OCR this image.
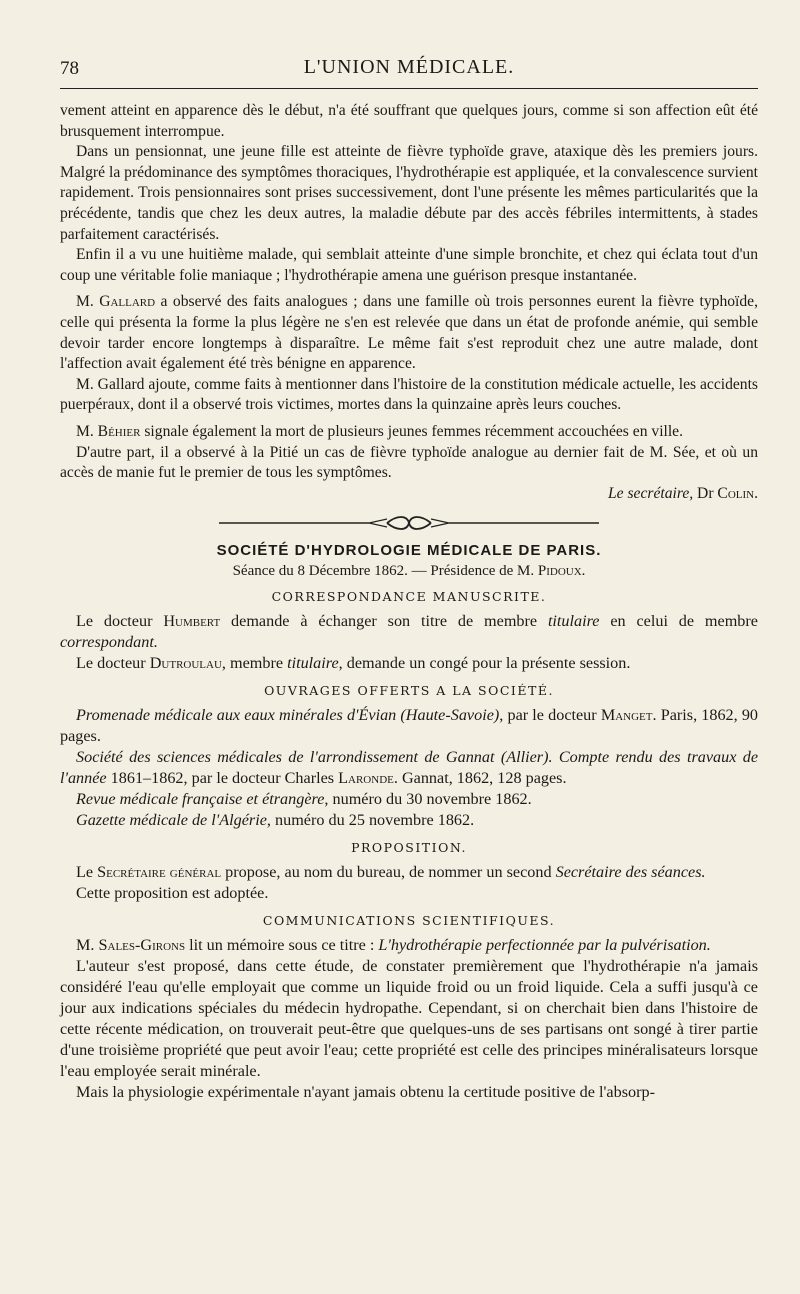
78	L'UNION MÉDICALE.

vement atteint en apparence dès le début, n'a été souffrant que quelques jours, comme si son affection eût été brusquement interrompue.

Dans un pensionnat, une jeune fille est atteinte de fièvre typhoïde grave, ataxique dès les premiers jours. Malgré la prédominance des symptômes thoraciques, l'hydrothérapie est appliquée, et la convalescence survient rapidement. Trois pensionnaires sont prises successivement, dont l'une présente les mêmes particularités que la précédente, tandis que chez les deux autres, la maladie débute par des accès fébriles intermittents, à stades parfaitement caractérisés.

Enfin il a vu une huitième malade, qui semblait atteinte d'une simple bronchite, et chez qui éclata tout d'un coup une véritable folie maniaque ; l'hydrothérapie amena une guérison presque instantanée.

M. Gallard a observé des faits analogues ; dans une famille où trois personnes eurent la fièvre typhoïde, celle qui présenta la forme la plus légère ne s'en est relevée que dans un état de profonde anémie, qui semble devoir tarder encore longtemps à disparaître. Le même fait s'est reproduit chez une autre malade, dont l'affection avait également été très bénigne en apparence.

M. Gallard ajoute, comme faits à mentionner dans l'histoire de la constitution médicale actuelle, les accidents puerpéraux, dont il a observé trois victimes, mortes dans la quinzaine après leurs couches.

M. Béhier signale également la mort de plusieurs jeunes femmes récemment accouchées en ville.

D'autre part, il a observé à la Pitié un cas de fièvre typhoïde analogue au dernier fait de M. Sée, et où un accès de manie fut le premier de tous les symptômes.

Le secrétaire, Dr Colin.

SOCIÉTÉ D'HYDROLOGIE MÉDICALE DE PARIS.
Séance du 8 Décembre 1862. — Présidence de M. Pidoux.
CORRESPONDANCE MANUSCRITE.

Le docteur Humbert demande à échanger son titre de membre titulaire en celui de membre correspondant.

Le docteur Dutroulau, membre titulaire, demande un congé pour la présente session.

OUVRAGES OFFERTS A LA SOCIÉTÉ.

Promenade médicale aux eaux minérales d'Évian (Haute-Savoie), par le docteur Manget. Paris, 1862, 90 pages.

Société des sciences médicales de l'arrondissement de Gannat (Allier). Compte rendu des travaux de l'année 1861–1862, par le docteur Charles Laronde. Gannat, 1862, 128 pages.

Revue médicale française et étrangère, numéro du 30 novembre 1862.

Gazette médicale de l'Algérie, numéro du 25 novembre 1862.

PROPOSITION.

Le Secrétaire général propose, au nom du bureau, de nommer un second Secrétaire des séances.

Cette proposition est adoptée.

COMMUNICATIONS SCIENTIFIQUES.

M. Sales-Girons lit un mémoire sous ce titre : L'hydrothérapie perfectionnée par la pulvérisation.

L'auteur s'est proposé, dans cette étude, de constater premièrement que l'hydrothérapie n'a jamais considéré l'eau qu'elle employait que comme un liquide froid ou un froid liquide. Cela a suffi jusqu'à ce jour aux indications spéciales du médecin hydropathe. Cependant, si on cherchait bien dans l'histoire de cette récente médication, on trouverait peut-être que quelques-uns de ses partisans ont songé à tirer partie d'une troisième propriété que peut avoir l'eau; cette propriété est celle des principes minéralisateurs lorsque l'eau employée serait minérale.

Mais la physiologie expérimentale n'ayant jamais obtenu la certitude positive de l'absorp-
